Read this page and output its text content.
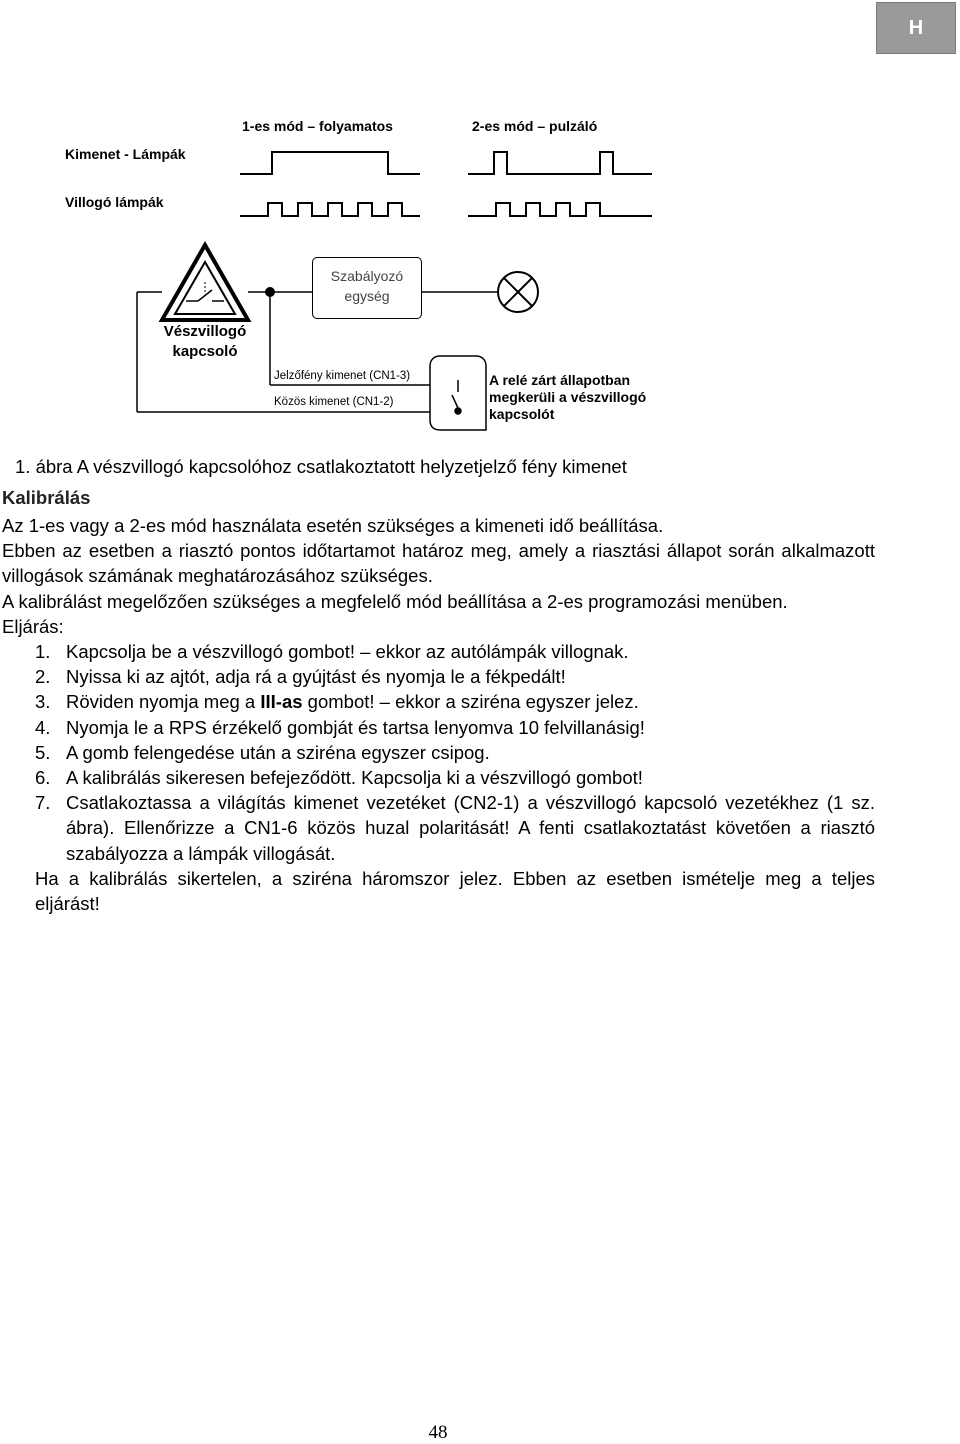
H
1-es mód – folyamatos	2-es mód – pulzáló
Kimenet - Lámpák
Villogó lámpák
Szabályozó
egység
Vészvillogó
kapcsoló
Jelzőfény kimenet (CN1-3)
Közös kimenet (CN1-2)
A relé zárt állapotban
megkerüli a vészvillogó
kapcsolót
1. ábra A vészvillogó kapcsolóhoz csatlakoztatott helyzetjelző fény kimenet
Kalibrálás

Az 1-es vagy a 2-es mód használata esetén szükséges a kimeneti idő beállítása.

Ebben az esetben a riasztó pontos időtartamot határoz meg, amely a riasztási állapot során alkalmazott villogások számának meghatározásához szükséges.

A kalibrálást megelőzően szükséges a megfelelő mód beállítása a 2-es programozási menüben.

Eljárás:

1. Kapcsolja be a vészvillogó gombot! – ekkor az autólámpák villognak.
2. Nyissa ki az ajtót, adja rá a gyújtást és nyomja le a fékpedált!
3. Röviden nyomja meg a III-as gombot! – ekkor a sziréna egyszer jelez.
4. Nyomja le a RPS érzékelő gombját és tartsa lenyomva 10 felvillanásig!
5. A gomb felengedése után a sziréna egyszer csipog.
6. A kalibrálás sikeresen befejeződött. Kapcsolja ki a vészvillogó gombot!
7. Csatlakoztassa a világítás kimenet vezetéket (CN2-1) a vészvillogó kapcsoló vezetékhez (1 sz. ábra). Ellenőrizze a CN1-6 közös huzal polaritását! A fenti csatlakoztatást követően a riasztó szabályozza a lámpák villogását.

Ha a kalibrálás sikertelen, a sziréna háromszor jelez. Ebben az esetben ismételje meg a teljes eljárást!

48
